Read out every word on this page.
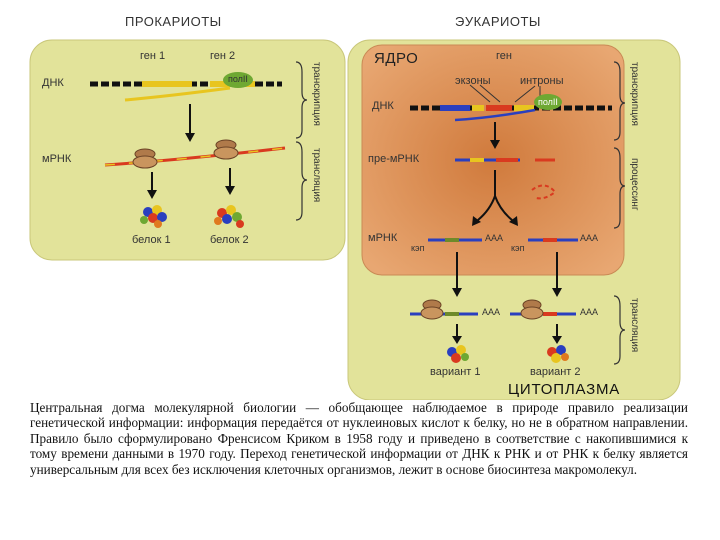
ПРОКАРИОТЫ	ЭУКАРИОТЫ
ген 1	ген 2
полII
ДНК
мРНК
белок 1	белок 2
транскрипция
трансляция
ЯДРО	ген
экзоны	интроны
полII
ДНК
пре-мРНК
мРНК
кэп
ААА
кэп
ААА
ААА	ААА
вариант 1	вариант 2
ЦИТОПЛАЗМА
транскрипция
процессинг
трансляция
Центральная догма молекулярной биологии — обобщающее наблюдаемое в природе правило реализации генетической информации: информация передаётся от нуклеиновых кислот к белку, но не в обратном направлении. Правило было сформулировано Френсисом Криком в 1958 году и приведено в соответствие с накопившимися к тому времени данными в 1970 году. Переход генетической информации от ДНК к РНК и от РНК к белку является универсальным для всех без исключения клеточных организмов, лежит в основе биосинтеза макромолекул.
